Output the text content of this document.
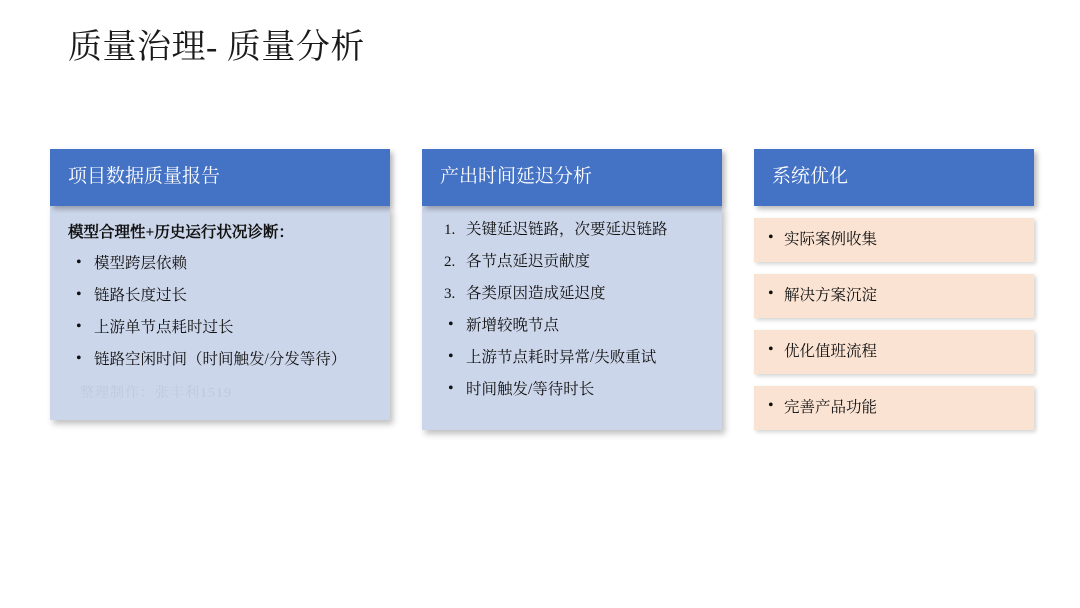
质量治理- 质量分析
项目数据质量报告
模型合理性+历史运行状况诊断：
• 模型跨层依赖
• 链路长度过长
• 上游单节点耗时过长
• 链路空闲时间（时间触发/分发等待）
整理制作：张丰利1519
产出时间延迟分析
关键延迟链路，次要延迟链路
各节点延迟贡献度
各类原因造成延迟度
• 新增较晚节点
• 上游节点耗时异常/失败重试
• 时间触发/等待时长
系统优化
• 实际案例收集
• 解决方案沉淀
• 优化值班流程
• 完善产品功能
